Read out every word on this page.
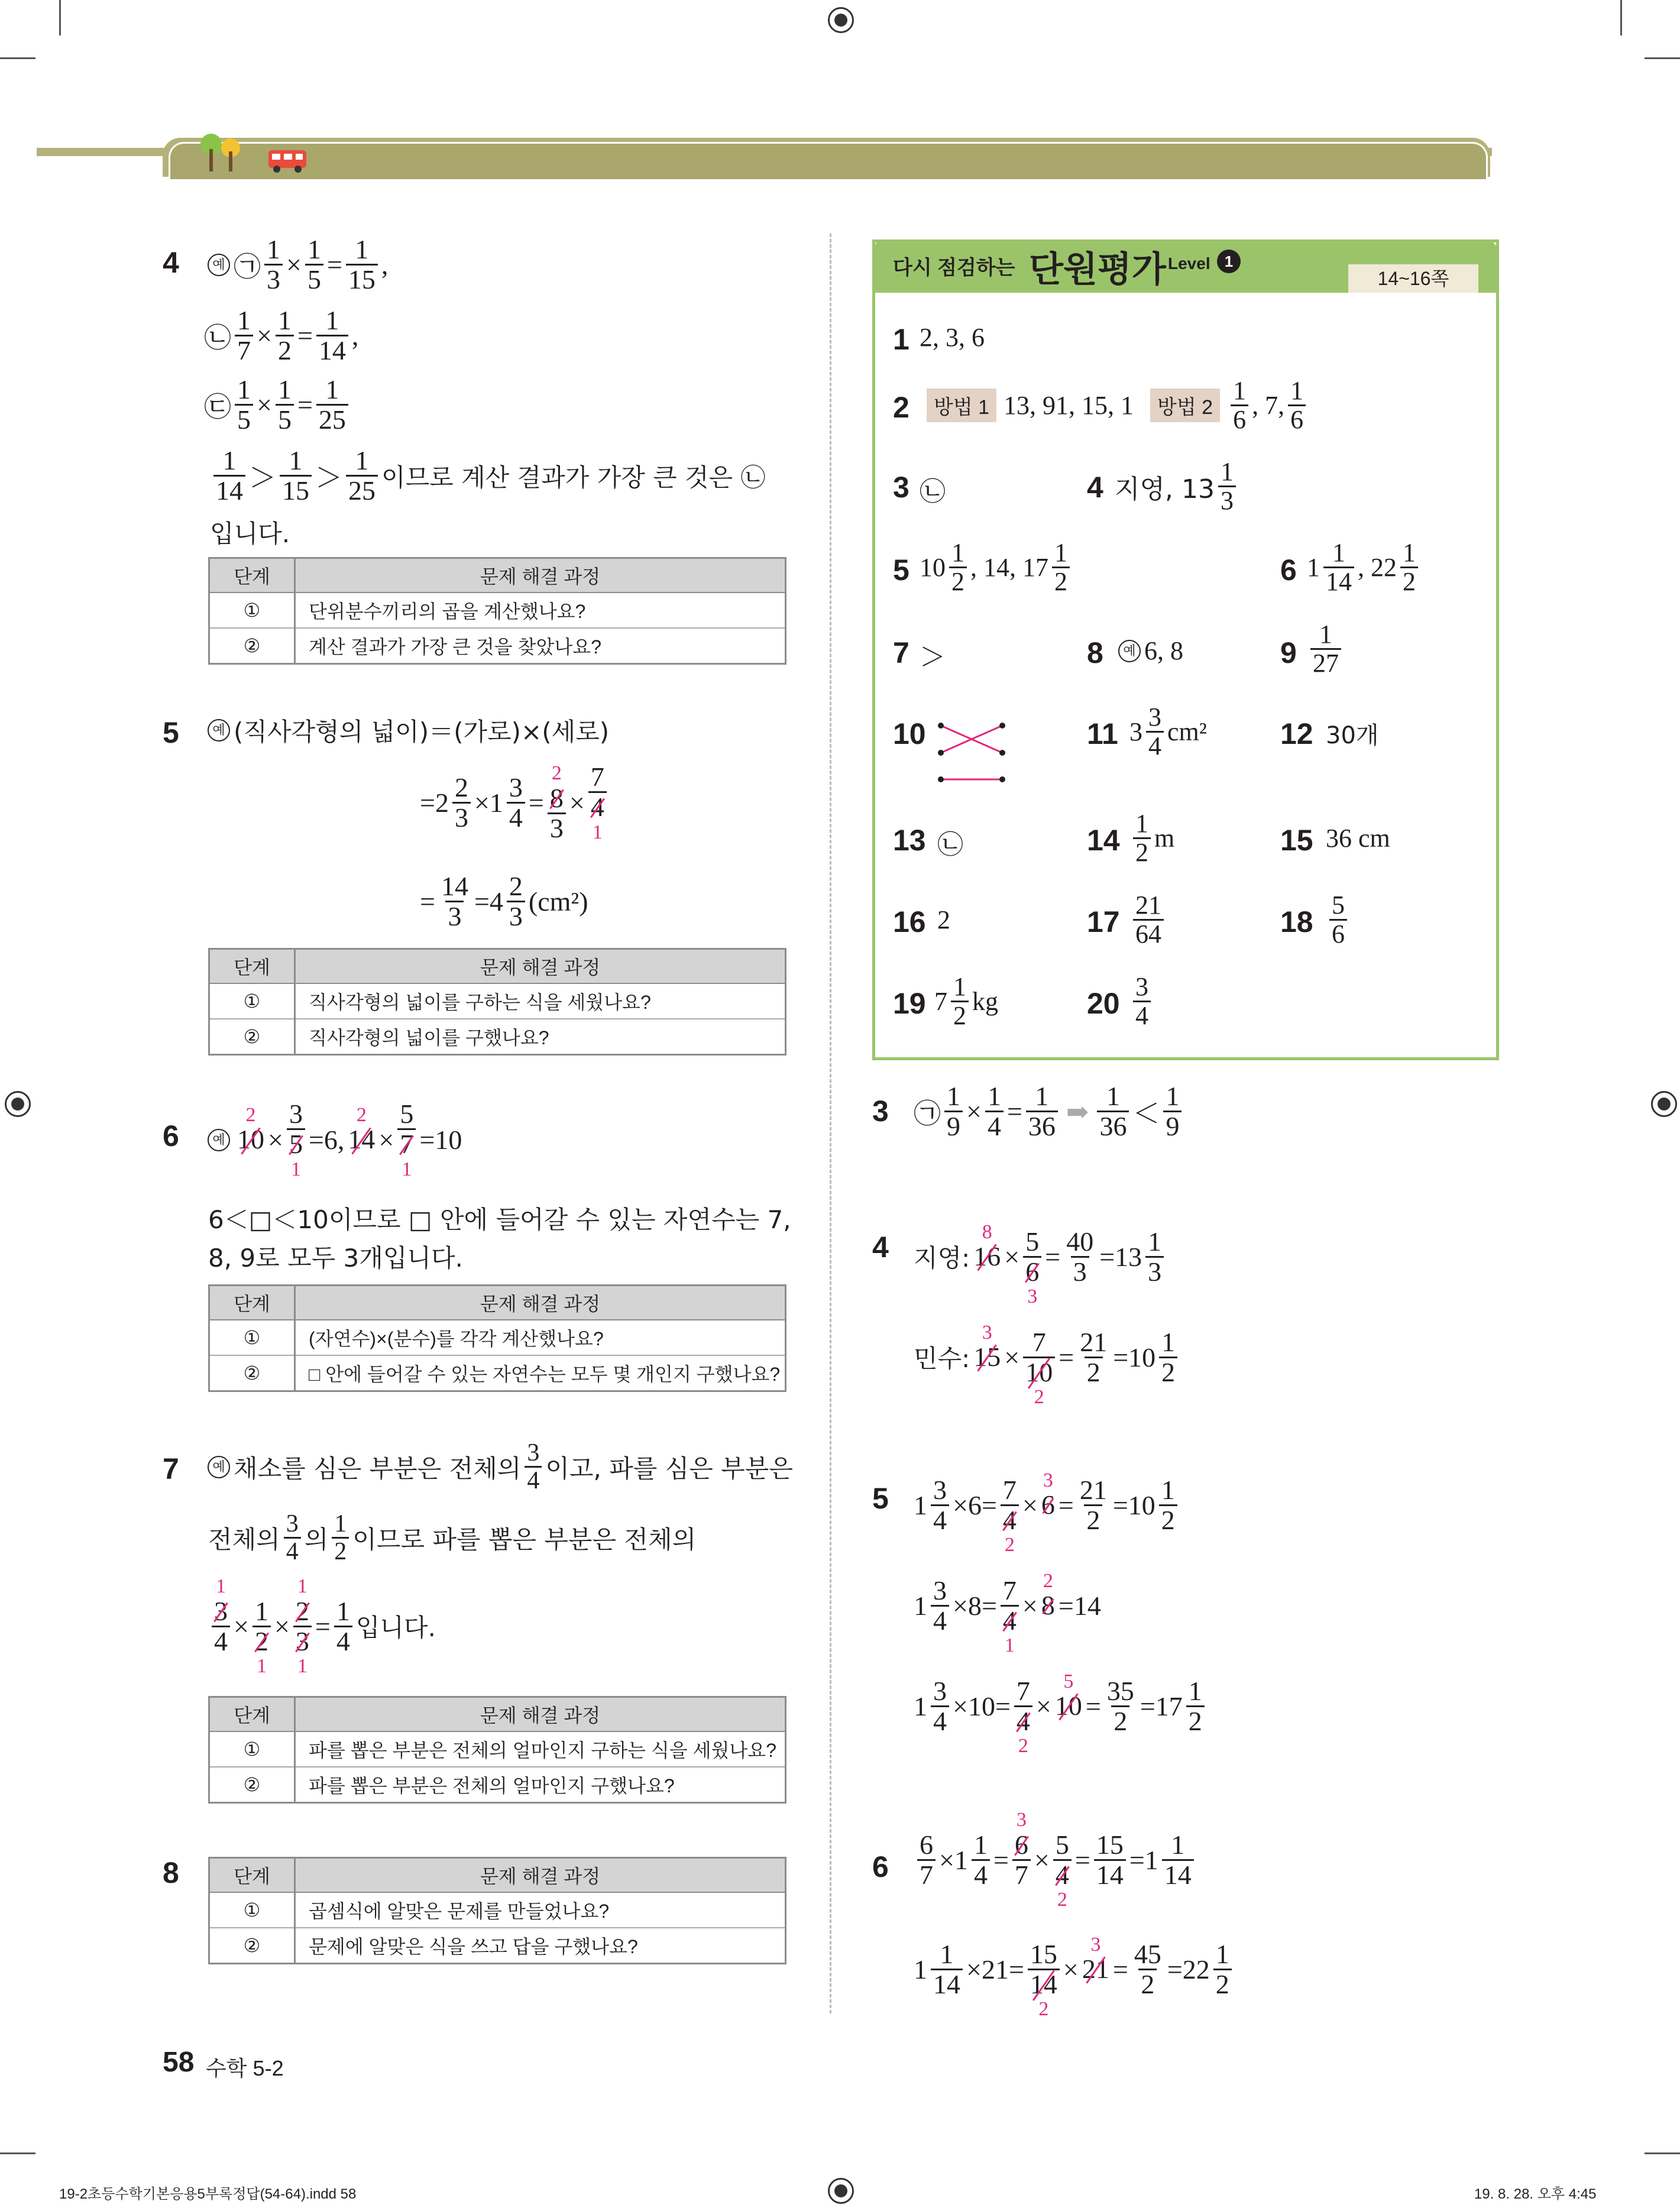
4	예 ㉠
1
3 ×
1
5 =
1
15 ,
㉡
1
7 ×
1
2 =
1
14 ,
㉢
1
5 ×
1
5 =
1
25
1
14 ＞
1
15 ＞
1
25 이므로 계산 결과가 가장 큰 것은 ㉡
입니다.
단계	문제 해결 과정
①	단위분수끼리의 곱을 계산했나요?
②	계산 결과가 가장 큰 것을 찾았나요?
5	예 (직사각형의 넓이)＝(가로)×(세로)
= 2
2
3 × 1
3
4 =
2
8
3
×
7
4
1
=
14
3 = 4
2
3 (cm²)
단계	문제 해결 과정
①	직사각형의 넓이를 구하는 식을 세웠나요?
②	직사각형의 넓이를 구했나요?
6	예
2
10
×
3
5
1
= 6 ,
2
14
×
5
7
1
= 10
6＜□＜10이므로 □ 안에 들어갈 수 있는 자연수는 7,
8, 9로 모두 3개입니다.
단계	문제 해결 과정
①	(자연수)×(분수)를 각각 계산했나요?
②	□ 안에 들어갈 수 있는 자연수는 모두 몇 개인지 구했나요?
7	예 채소를 심은 부분은 전체의
3
4 이고, 파를 심은 부분은
전체의
3
4 의
1
2 이므로 파를 뽑은 부분은 전체의
1
3
4
×

1
2
1
×
1
2
3
1
=
1
4 입니다.
단계	문제 해결 과정
①	파를 뽑은 부분은 전체의 얼마인지 구하는 식을 세웠나요?
②	파를 뽑은 부분은 전체의 얼마인지 구했나요?
8	단계	문제 해결 과정
①	곱셈식에 알맞은 문제를 만들었나요?
②	문제에 알맞은 식을 쓰고 답을 구했나요?
58 수학 5-2
19-2초등수학기본응용5부록정답(54-64).indd 58	19. 8. 28. 오후 4:45
다시 점검하는 단원평가 Level 1
14~16쪽
1 2, 3, 6
2	방법 1 13, 91, 15, 1	방법 2
1
6 , 7,
1
6
3 ㉡	4 지영, 13
1
3
5 10
1
2 , 14, 17
1
2	6 1
1
14 , 22
1
2
7 ＞	8	예 6, 8	9
1
27
10	11 3
3
4 cm² 12 30개
13 ㉡	14
1
2 m	15 36 cm
16 2	17
21
64	18
5
6
19 7
1
2 kg	20
3
4
3 ㉠
1
9 ×
1
4 =
1
36 ➡
1
36 ＜
1
9
4 지영:
8
16
×

5
6
3
=
40
3 = 13
1
3
민수:
3
15
×

7
10
2
=
21
2 = 10
1
2
5 1
3
4 × 6 =

7
4
2
×
3
6
=
21
2 = 10
1
2
1
3
4 × 8 =

7
4
1
×
2
8
= 14
1
3
4 × 10 =

7
4
2
×
5
10
=
35
2 = 17
1
2
6
6
7 ×1
1
4 =
3
6
7
×

5
4
2
=
15
14 =1
1
14
1
1
14 × 21 =

15
14
2
×
3
21
=
45
2 = 22
1
2
